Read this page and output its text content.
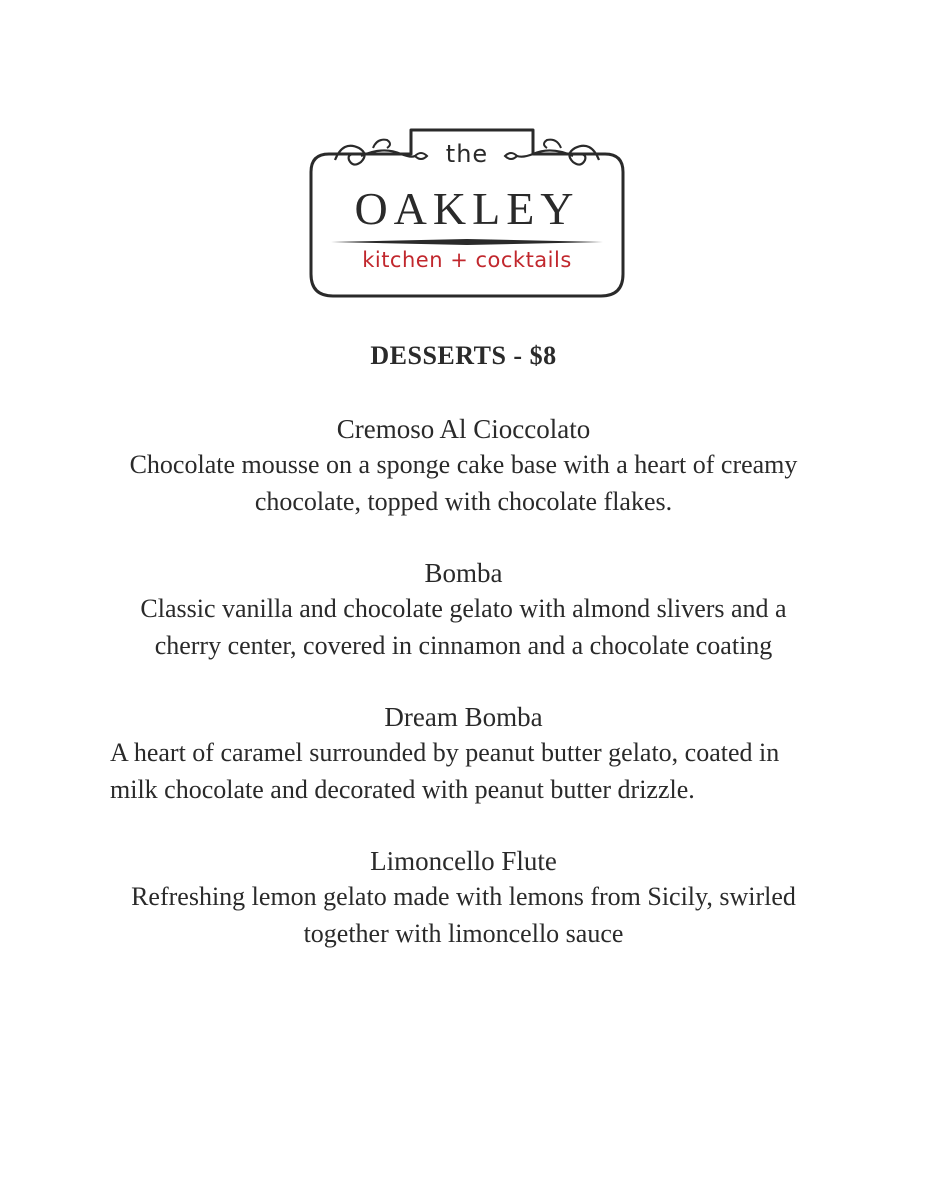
the
OAKLEY
kitchen + cocktails
DESSERTS - $8

Cremoso Al Cioccolato

Chocolate mousse on a sponge cake base with a heart of creamy chocolate, topped with chocolate flakes.

Bomba

Classic vanilla and chocolate gelato with almond slivers and a cherry center, covered in cinnamon and a chocolate coating

Dream Bomba

A heart of caramel surrounded by peanut butter gelato, coated in milk chocolate and decorated with peanut butter drizzle.

Limoncello Flute

Refreshing lemon gelato made with lemons from Sicily, swirled together with limoncello sauce
